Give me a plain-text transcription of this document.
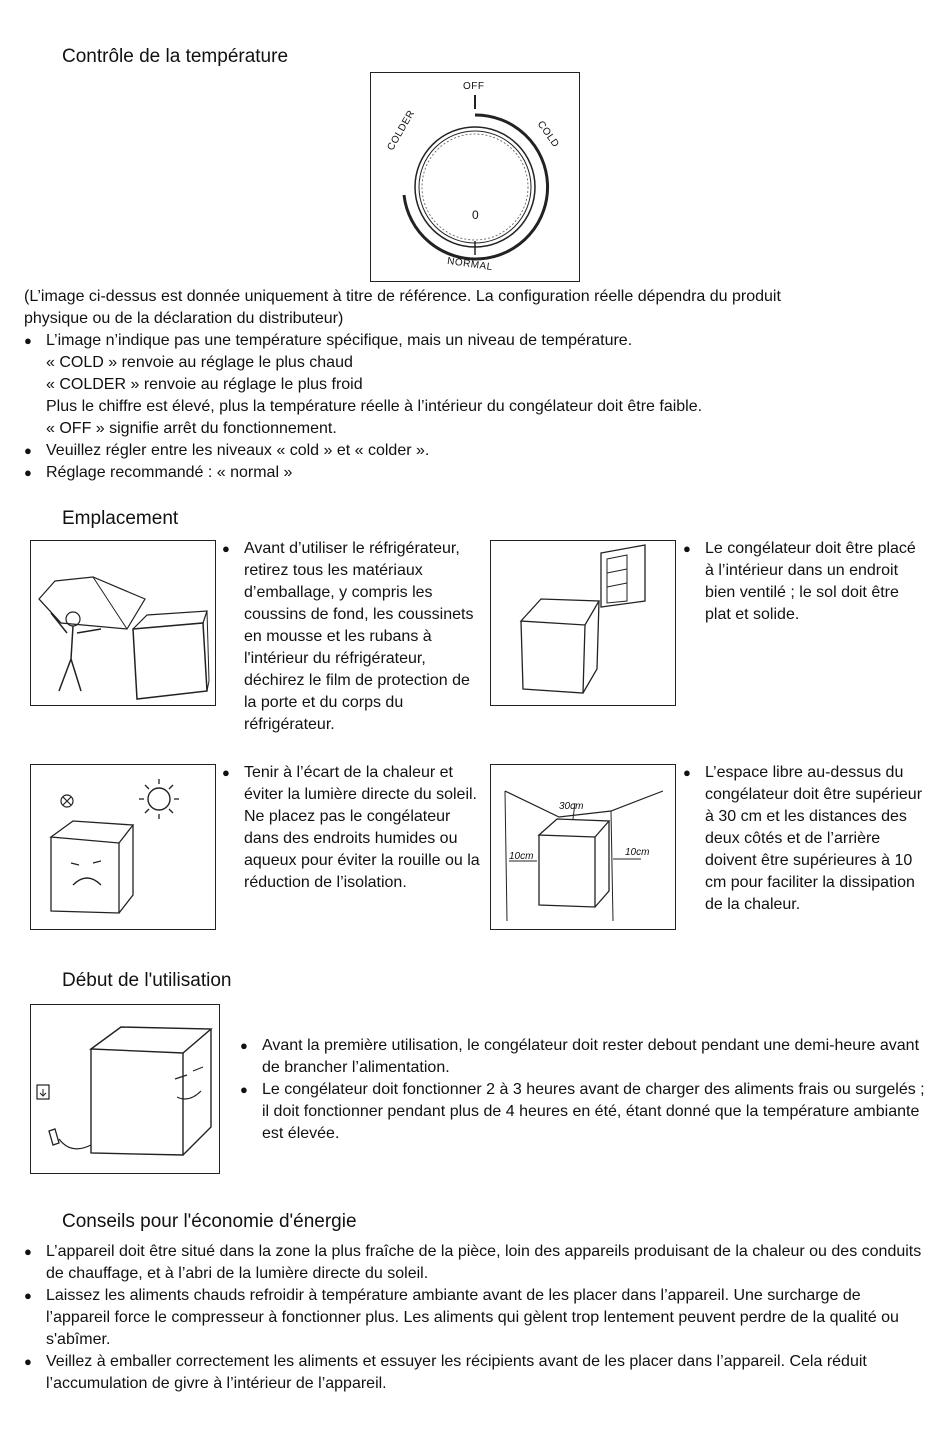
Contrôle de la température
OFF
COLD
COLDER
NORMAL
0
(L’image ci-dessus est donnée uniquement à titre de référence. La configuration réelle dépendra du produit
physique ou de la déclaration du distributeur)
● L’image n’indique pas une température spécifique, mais un niveau de température.
« COLD » renvoie au réglage le plus chaud
« COLDER » renvoie au réglage le plus froid
Plus le chiffre est élevé, plus la température réelle à l’intérieur du congélateur doit être faible.
« OFF » signifie arrêt du fonctionnement.
● Veuillez régler entre les niveaux « cold » et « colder ».
● Réglage recommandé : « normal »
Emplacement
● Avant d’utiliser le réfrigérateur, retirez tous les matériaux d’emballage, y compris les coussins de fond, les coussinets en mousse et les rubans à l'intérieur du réfrigérateur, déchirez le film de protection de la porte et du corps du réfrigérateur.
● Le congélateur doit être placé à l’intérieur dans un endroit bien ventilé ; le sol doit être plat et solide.
● Tenir à l’écart de la chaleur et éviter la lumière directe du soleil. Ne placez pas le congélateur dans des endroits humides ou aqueux pour éviter la rouille ou la réduction de l’isolation.
30cm
10cm	10cm
● L’espace libre au-dessus du congélateur doit être supérieur à 30 cm et les distances des deux côtés et de l’arrière doivent être supérieures à 10 cm pour faciliter la dissipation de la chaleur.
Début de l'utilisation
● Avant la première utilisation, le congélateur doit rester debout pendant une demi-heure avant de brancher l’alimentation.
● Le congélateur doit fonctionner 2 à 3 heures avant de charger des aliments frais ou surgelés ; il doit fonctionner pendant plus de 4 heures en été, étant donné que la température ambiante est élevée.
Conseils pour l'économie d'énergie
● L’appareil doit être situé dans la zone la plus fraîche de la pièce, loin des appareils produisant de la chaleur ou des conduits de chauffage, et à l’abri de la lumière directe du soleil.
● Laissez les aliments chauds refroidir à température ambiante avant de les placer dans l’appareil. Une surcharge de l’appareil force le compresseur à fonctionner plus. Les aliments qui gèlent trop lentement peuvent perdre de la qualité ou s'abîmer.
● Veillez à emballer correctement les aliments et essuyer les récipients avant de les placer dans l’appareil. Cela réduit l’accumulation de givre à l’intérieur de l’appareil.
